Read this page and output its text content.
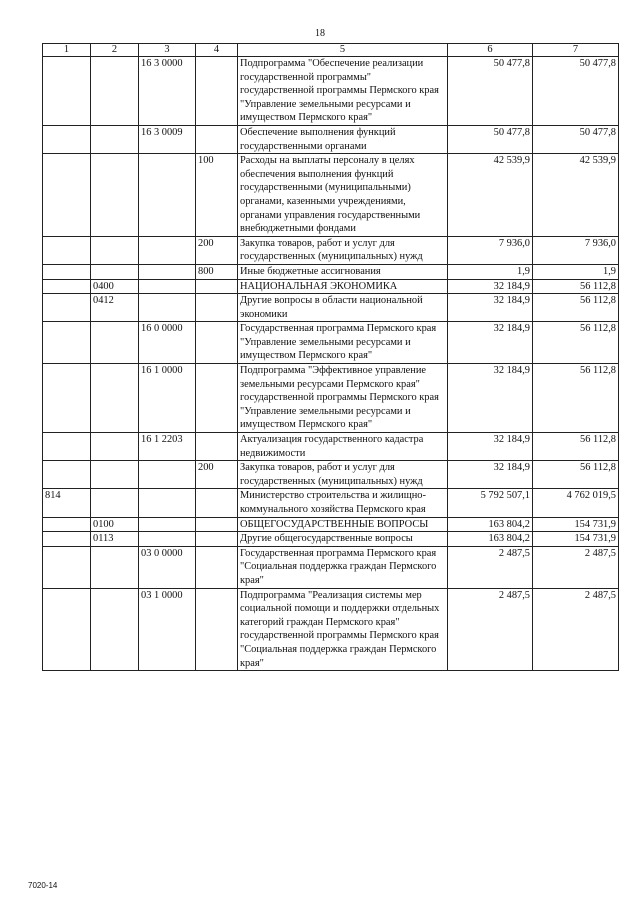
18
1	2	3	4	5	6	7
		16 3 0000		Подпрограмма "Обеспечение реализации государственной программы" государственной программы Пермского края "Управление земельными ресурсами и имуществом Пермского края"	50 477,8	50 477,8
		16 3 0009		Обеспечение выполнения функций государственными органами	50 477,8	50 477,8
			100	Расходы на выплаты персоналу в целях обеспечения выполнения функций государственными (муниципальными) органами, казенными учреждениями, органами управления государственными внебюджетными фондами	42 539,9	42 539,9
			200	Закупка товаров, работ и услуг для государственных (муниципальных) нужд	7 936,0	7 936,0
			800	Иные бюджетные ассигнования	1,9	1,9
	0400			НАЦИОНАЛЬНАЯ ЭКОНОМИКА	32 184,9	56 112,8
	0412			Другие вопросы в области национальной экономики	32 184,9	56 112,8
		16 0 0000		Государственная программа Пермского края "Управление земельными ресурсами и имуществом Пермского края"	32 184,9	56 112,8
		16 1 0000		Подпрограмма "Эффективное управление земельными ресурсами Пермского края" государственной программы Пермского края "Управление земельными ресурсами и имуществом Пермского края"	32 184,9	56 112,8
		16 1 2203		Актуализация государственного кадастра недвижимости	32 184,9	56 112,8
			200	Закупка товаров, работ и услуг для государственных (муниципальных) нужд	32 184,9	56 112,8
814				Министерство строительства и жилищно-коммунального хозяйства Пермского края	5 792 507,1	4 762 019,5
	0100			ОБЩЕГОСУДАРСТВЕННЫЕ ВОПРОСЫ	163 804,2	154 731,9
	0113			Другие общегосударственные вопросы	163 804,2	154 731,9
		03 0 0000		Государственная программа Пермского края "Социальная поддержка граждан Пермского края"	2 487,5	2 487,5
		03 1 0000		Подпрограмма "Реализация системы мер социальной помощи и поддержки отдельных категорий граждан Пермского края" государственной программы Пермского края "Социальная поддержка граждан Пермского края"	2 487,5	2 487,5
7020-14
